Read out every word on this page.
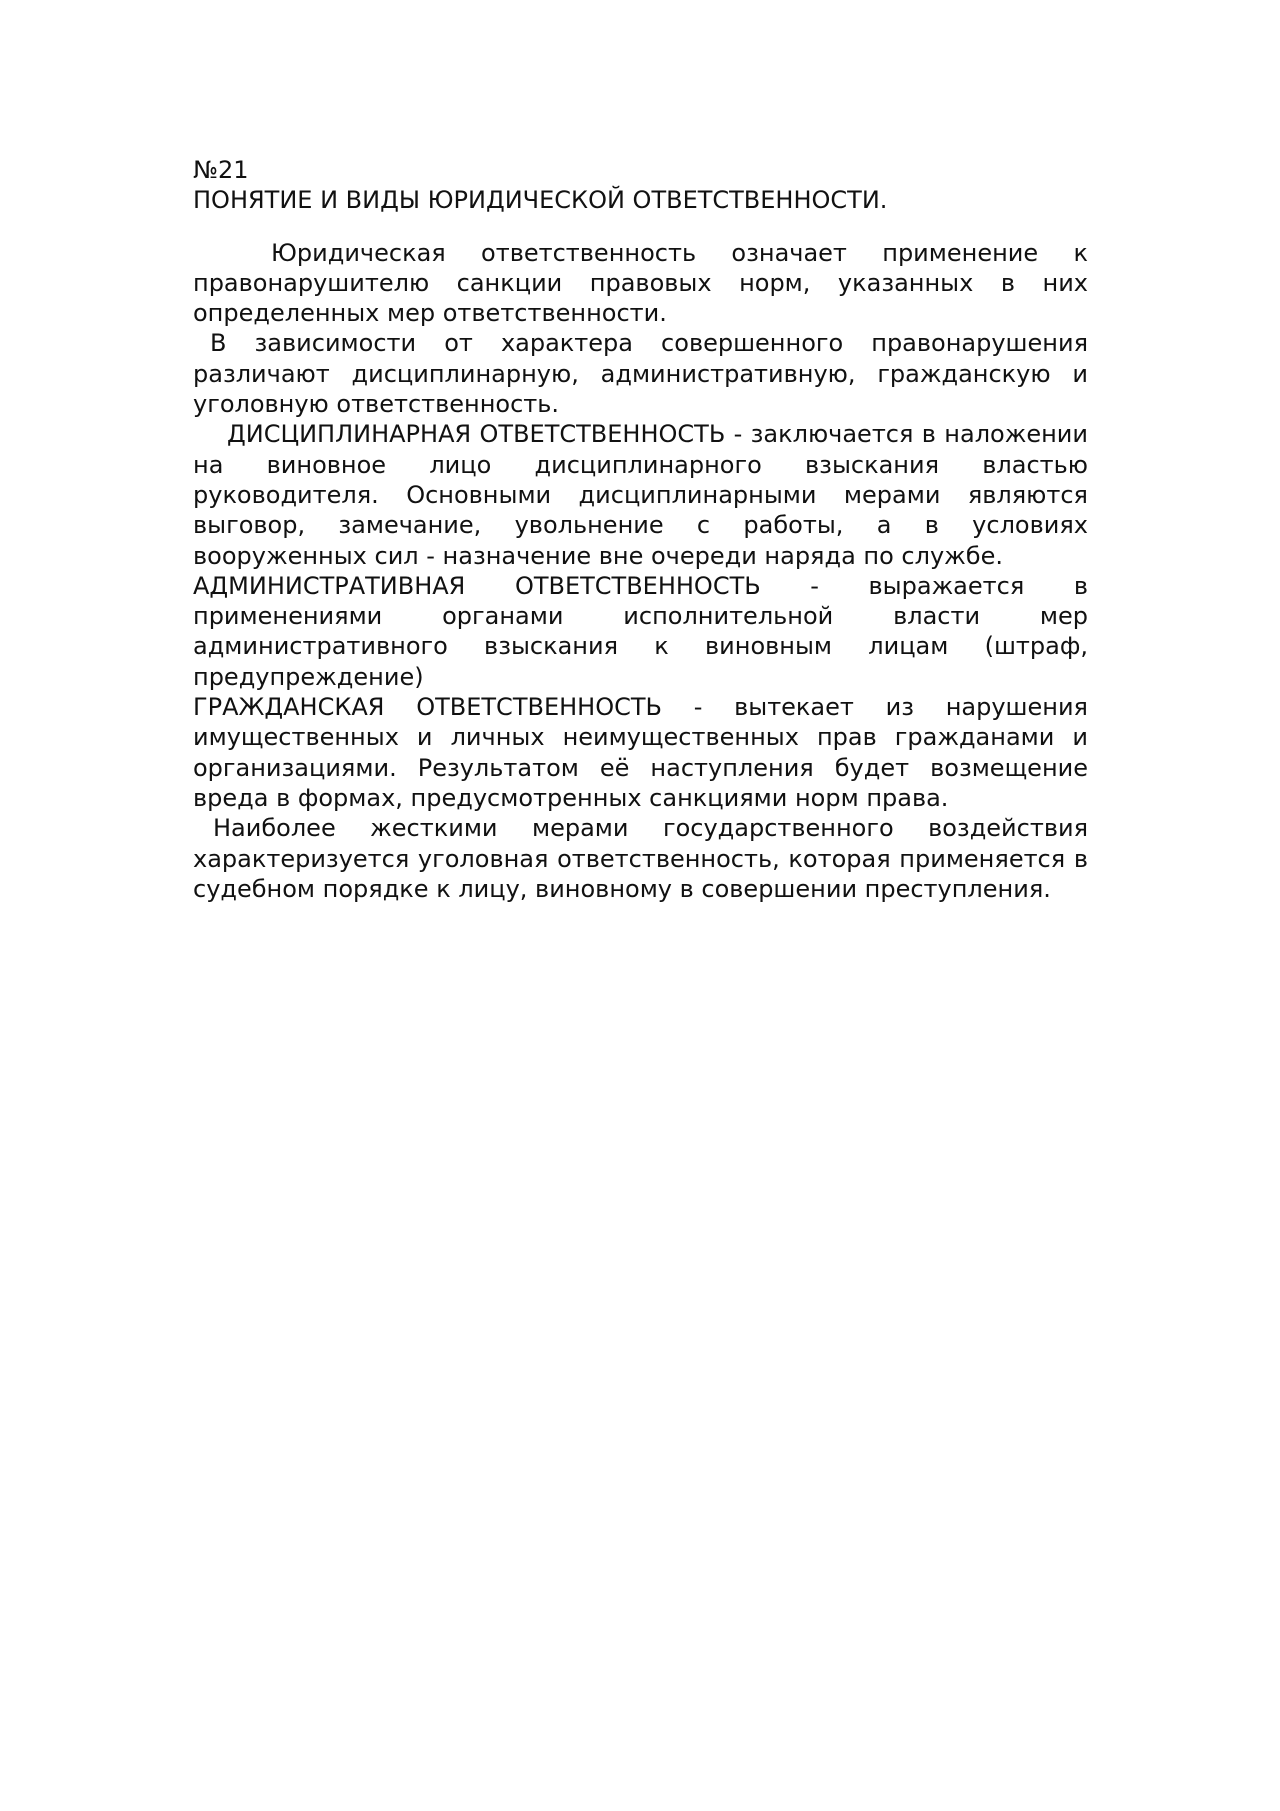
№21

ПОНЯТИЕ И ВИДЫ ЮРИДИЧЕСКОЙ ОТВЕТСТВЕННОСТИ.

Юридическая ответственность означает применение к правонарушителю санкции правовых норм, указанных в них определенных мер ответственности.

В зависимости от характера совершенного правонарушения различают дисциплинарную, административную, гражданскую и уголовную ответственность.

ДИСЦИПЛИНАРНАЯ ОТВЕТСТВЕННОСТЬ - заключается в наложении на виновное лицо дисциплинарного взыскания властью руководителя. Основными дисциплинарными мерами являются выговор, замечание, увольнение с работы, а в условиях вооруженных сил - назначение вне очереди наряда по службе.

АДМИНИСТРАТИВНАЯ ОТВЕТСТВЕННОСТЬ - выражается в применениями органами исполнительной власти мер административного взыскания к виновным лицам (штраф, предупреждение)

ГРАЖДАНСКАЯ ОТВЕТСТВЕННОСТЬ - вытекает из нарушения имущественных и личных неимущественных прав гражданами и организациями. Результатом её наступления будет возмещение вреда в формах, предусмотренных санкциями норм права.

Наиболее жесткими мерами государственного воздействия характеризуется уголовная ответственность, которая применяется в судебном порядке к лицу, виновному в совершении преступления.
